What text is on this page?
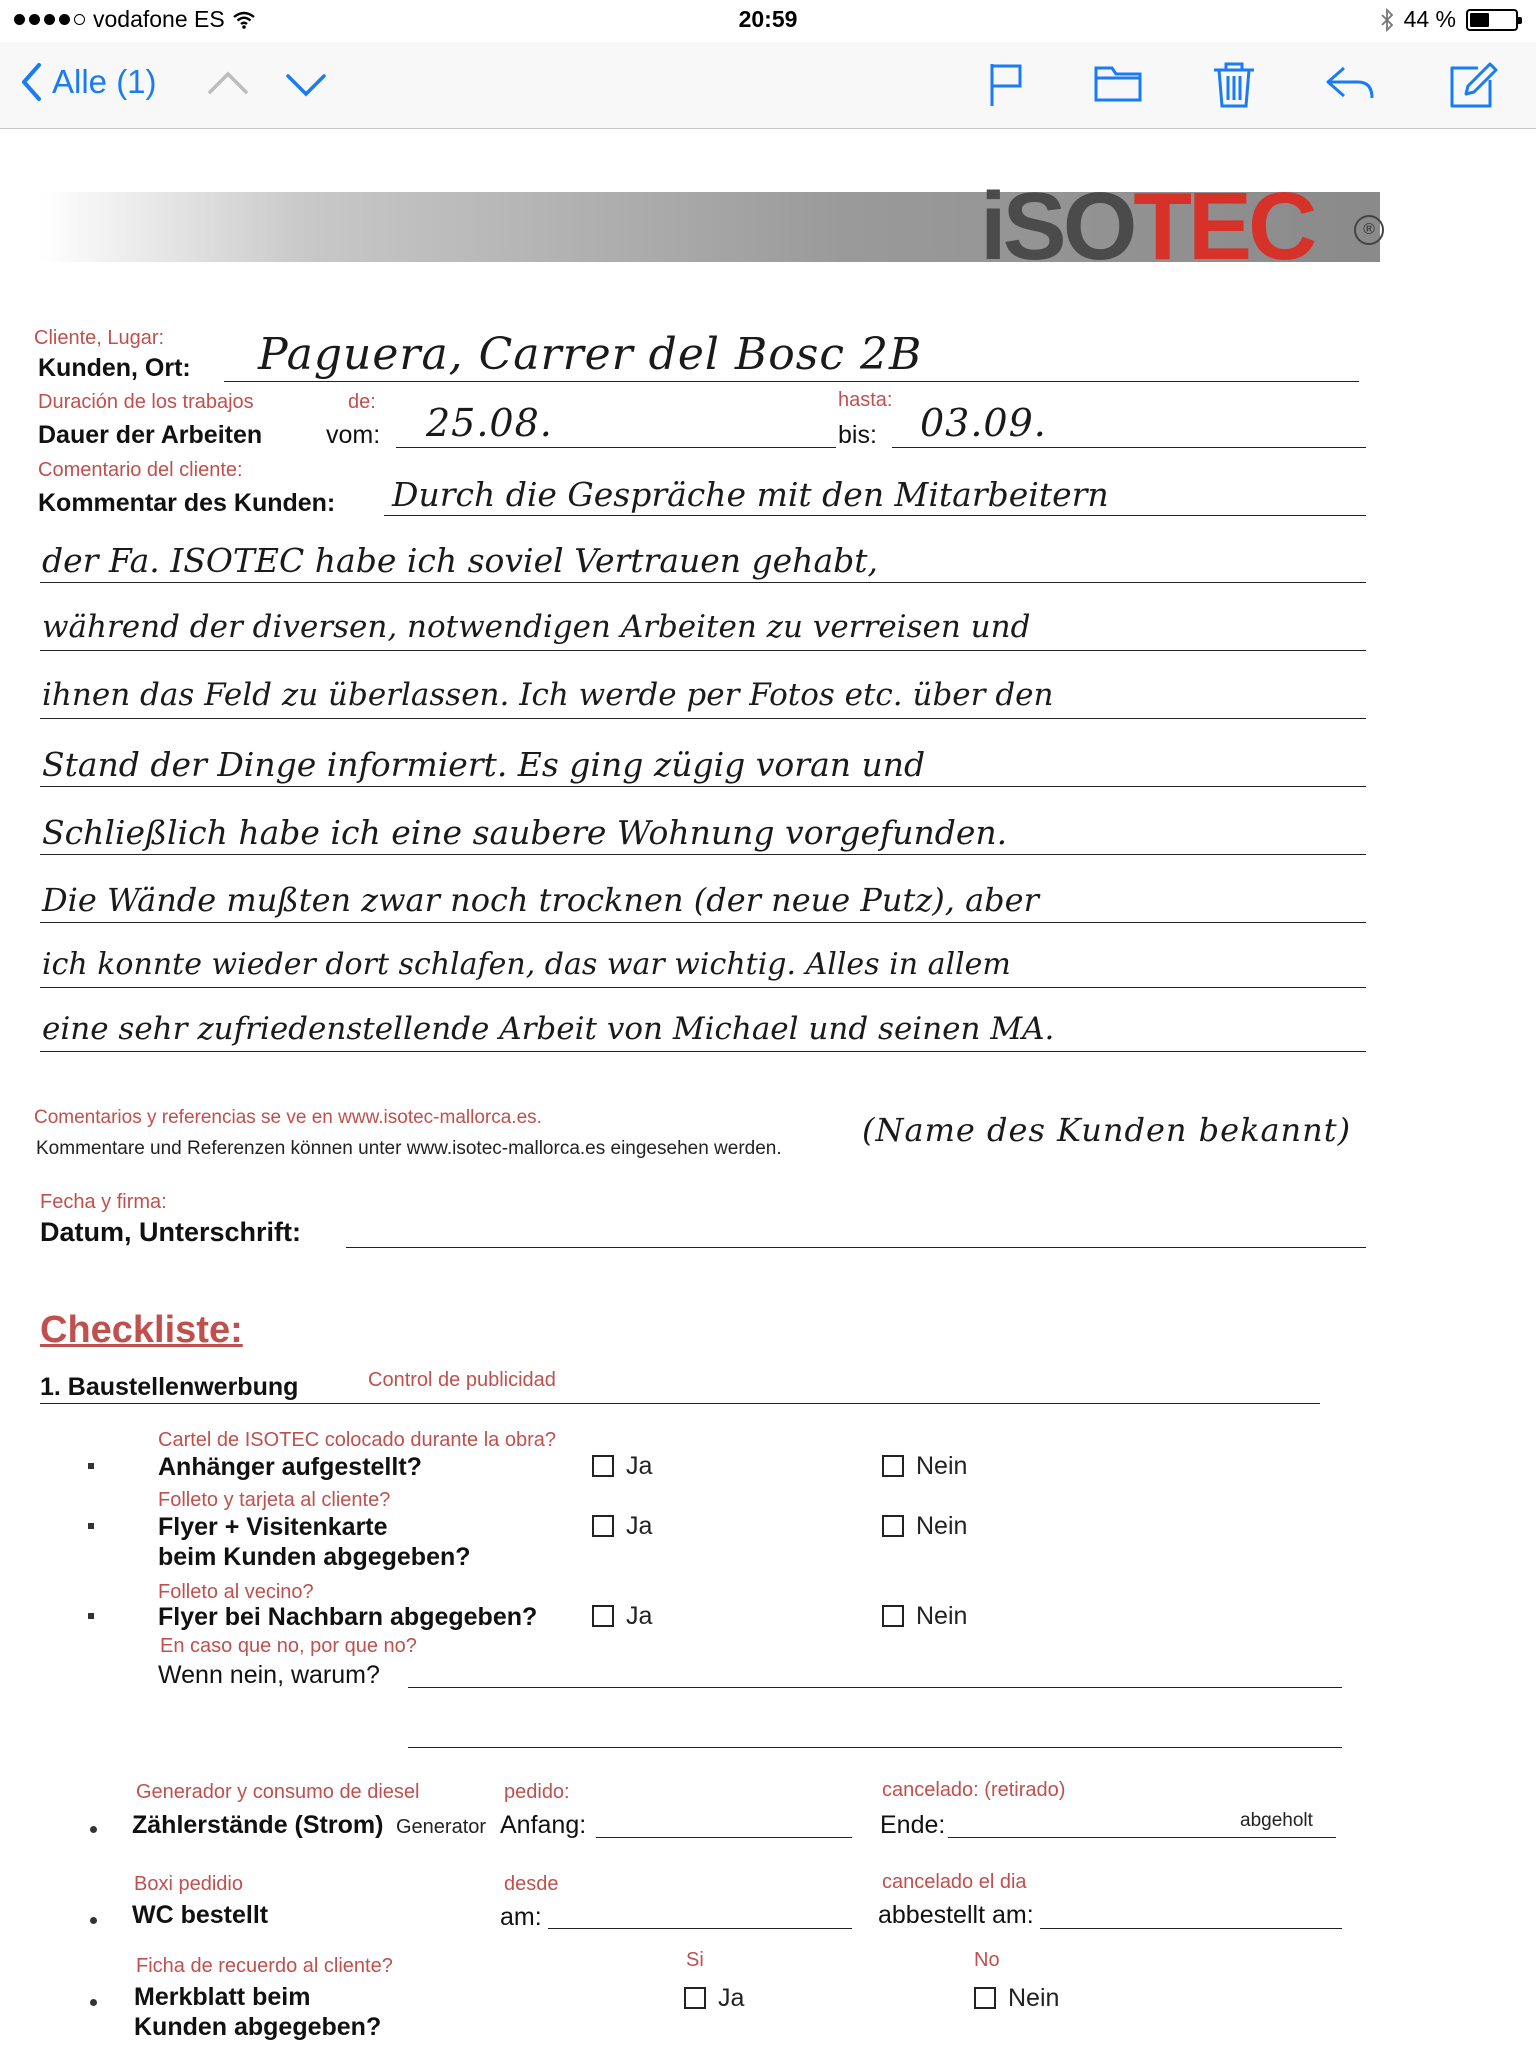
vodafone ES	20:59	44 %
Alle (1)
iSO TEC	®
Cliente, Lugar:
Kunden, Ort: Paguera, Carrer del Bosc 2B
Duración de los trabajos	de:	hasta:
Dauer der Arbeiten	vom: 25.08.	bis: 03.09.
Comentario del cliente:
Kommentar des Kunden: Durch die Gespräche mit den Mitarbeitern
der Fa. ISOTEC habe ich soviel Vertrauen gehabt,
während der diversen, notwendigen Arbeiten zu verreisen und
ihnen das Feld zu überlassen. Ich werde per Fotos etc. über den
Stand der Dinge informiert. Es ging zügig voran und
Schließlich habe ich eine saubere Wohnung vorgefunden.
Die Wände mußten zwar noch trocknen (der neue Putz), aber
ich konnte wieder dort schlafen, das war wichtig. Alles in allem
eine sehr zufriedenstellende Arbeit von Michael und seinen MA.
Comentarios y referencias se ve en www.isotec-mallorca.es.
Kommentare und Referenzen können unter www.isotec-mallorca.es eingesehen werden.	(Name des Kunden bekannt)
Fecha y firma:
Datum, Unterschrift:
Checkliste:
1. Baustellenwerbung	Control de publicidad
Cartel de ISOTEC colocado durante la obra?
Anhänger aufgestellt?	Ja	Nein
Folleto y tarjeta al cliente?
Flyer + Visitenkarte
beim Kunden abgegeben?
Ja	Nein
Folleto al vecino?
Flyer bei Nachbarn abgegeben?	Ja	Nein
En caso que no, por que no?
Wenn nein, warum?
Generador y consumo de diesel	pedido:	cancelado: (retirado)
Zählerstände (Strom) Generator Anfang:	Ende:	abgeholt
Boxi pedidio	desde	cancelado el dia
WC bestellt	am:	abbestellt am:
Ficha de recuerdo al cliente?	Si	No
Merkblatt beim
Kunden abgegeben?
Ja	Nein
